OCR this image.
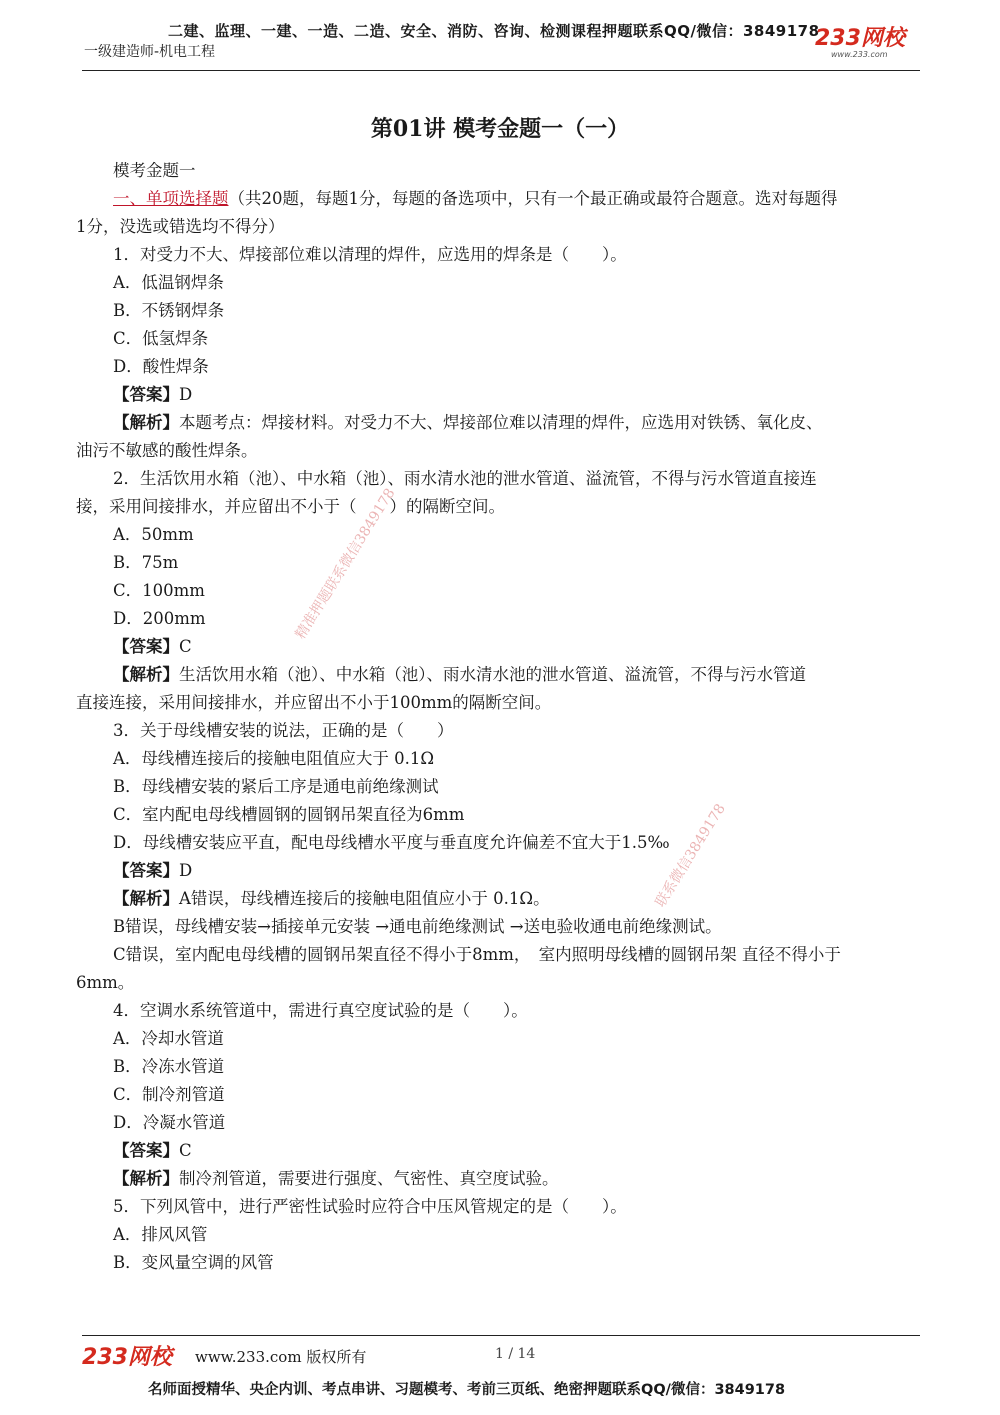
二建、监理、一建、一造、二造、安全、消防、咨询、检测课程押题联系QQ/微信：3849178
一级建造师-机电工程
233网校
www.233.com
第01讲 模考金题一（一）

模考金题一

一、单项选择题（共20题，每题1分，每题的备选项中，只有一个最正确或最符合题意。选对每题得

1分，没选或错选均不得分）

1．对受力不大、焊接部位难以清理的焊件，应选用的焊条是（　　）。

A．低温钢焊条

B．不锈钢焊条

C．低氢焊条

D．酸性焊条

【答案】D

【解析】本题考点：焊接材料。对受力不大、焊接部位难以清理的焊件，应选用对铁锈、氧化皮、

油污不敏感的酸性焊条。

2．生活饮用水箱（池）、中水箱（池）、雨水清水池的泄水管道、溢流管，不得与污水管道直接连

接，采用间接排水，并应留出不小于（　　）的隔断空间。

A．50mm

B．75m

C．100mm

D．200mm

【答案】C

【解析】生活饮用水箱（池）、中水箱（池）、雨水清水池的泄水管道、溢流管，不得与污水管道

直接连接，采用间接排水，并应留出不小于100mm的隔断空间。

3．关于母线槽安装的说法，正确的是（　　）

A．母线槽连接后的接触电阻值应大于 0.1Ω

B．母线槽安装的紧后工序是通电前绝缘测试

C．室内配电母线槽圆钢的圆钢吊架直径为6mm

D．母线槽安装应平直，配电母线槽水平度与垂直度允许偏差不宜大于1.5‰

【答案】D

【解析】A错误，母线槽连接后的接触电阻值应小于 0.1Ω。

B错误，母线槽安装→插接单元安装 →通电前绝缘测试 →送电验收通电前绝缘测试。

C错误，室内配电母线槽的圆钢吊架直径不得小于8mm，　室内照明母线槽的圆钢吊架 直径不得小于

6mm。

4．空调水系统管道中，需进行真空度试验的是（　　）。

A．冷却水管道

B．冷冻水管道

C．制冷剂管道

D．冷凝水管道

【答案】C

【解析】制冷剂管道，需要进行强度、气密性、真空度试验。

5．下列风管中，进行严密性试验时应符合中压风管规定的是（　　）。

A．排风风管

B．变风量空调的风管

精准押题联系微信3849178
联系微信3849178
233网校 www.233.com 版权所有	1 / 14
名师面授精华、央企内训、考点串讲、习题模考、考前三页纸、绝密押题联系QQ/微信：3849178
